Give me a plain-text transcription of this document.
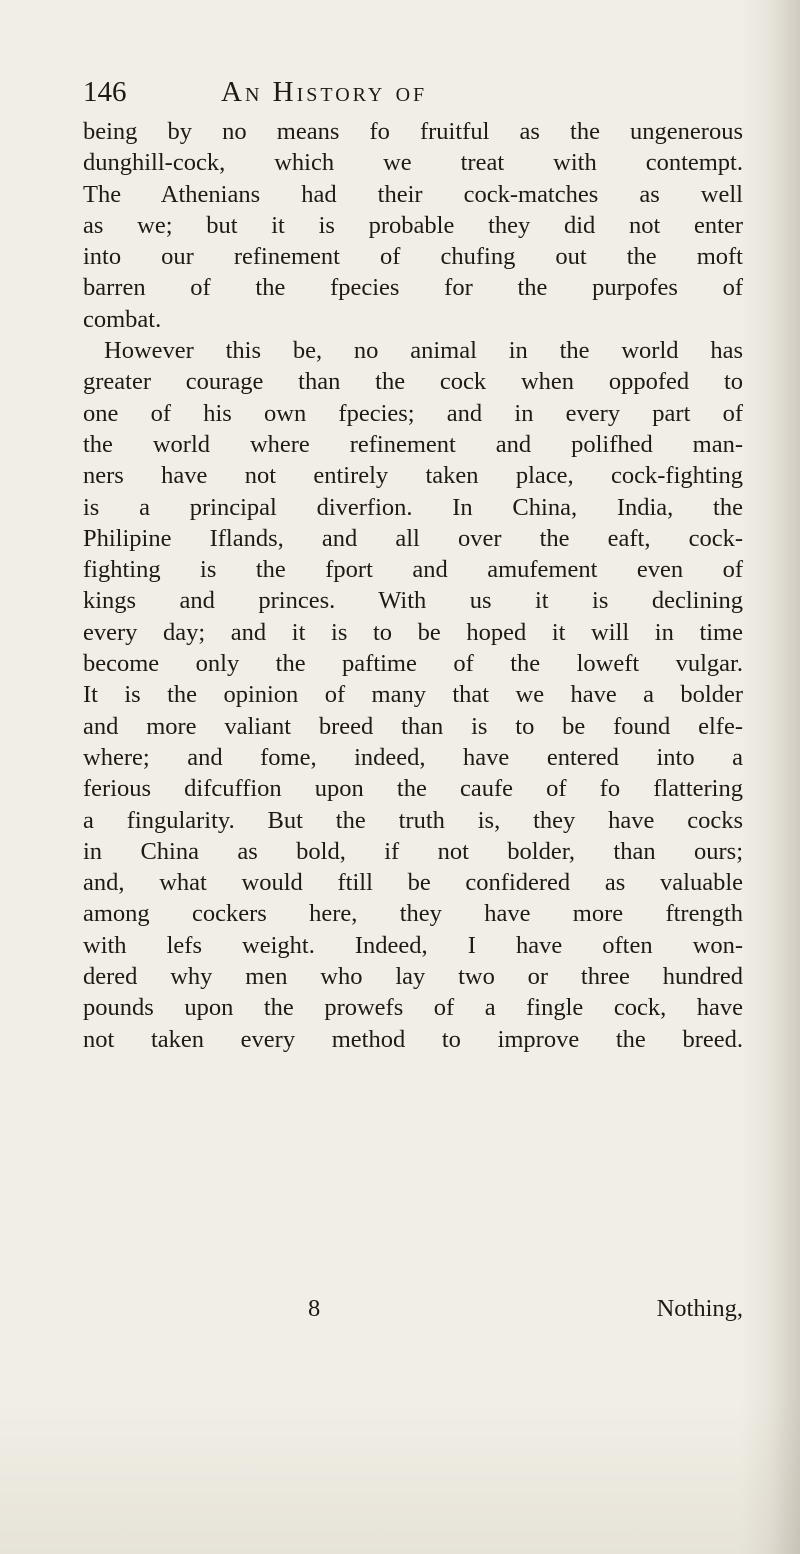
146	An History of
being by no means fo fruitful as the ungenerous
dunghill-cock, which we treat with contempt.
The Athenians had their cock-matches as well
as we; but it is probable they did not enter
into our refinement of chufing out the moft
barren of the fpecies for the purpofes of
combat.
However this be, no animal in the world has
greater courage than the cock when oppofed to
one of his own fpecies; and in every part of
the world where refinement and polifhed man-
ners have not entirely taken place, cock-fighting
is a principal diverfion. In China, India, the
Philipine Iflands, and all over the eaft, cock-
fighting is the fport and amufement even of
kings and princes. With us it is declining
every day; and it is to be hoped it will in time
become only the paftime of the loweft vulgar.
It is the opinion of many that we have a bolder
and more valiant breed than is to be found elfe-
where; and fome, indeed, have entered into a
ferious difcuffion upon the caufe of fo flattering
a fingularity. But the truth is, they have cocks
in China as bold, if not bolder, than ours;
and, what would ftill be confidered as valuable
among cockers here, they have more ftrength
with lefs weight. Indeed, I have often won-
dered why men who lay two or three hundred
pounds upon the prowefs of a fingle cock, have
not taken every method to improve the breed.
8	Nothing,
